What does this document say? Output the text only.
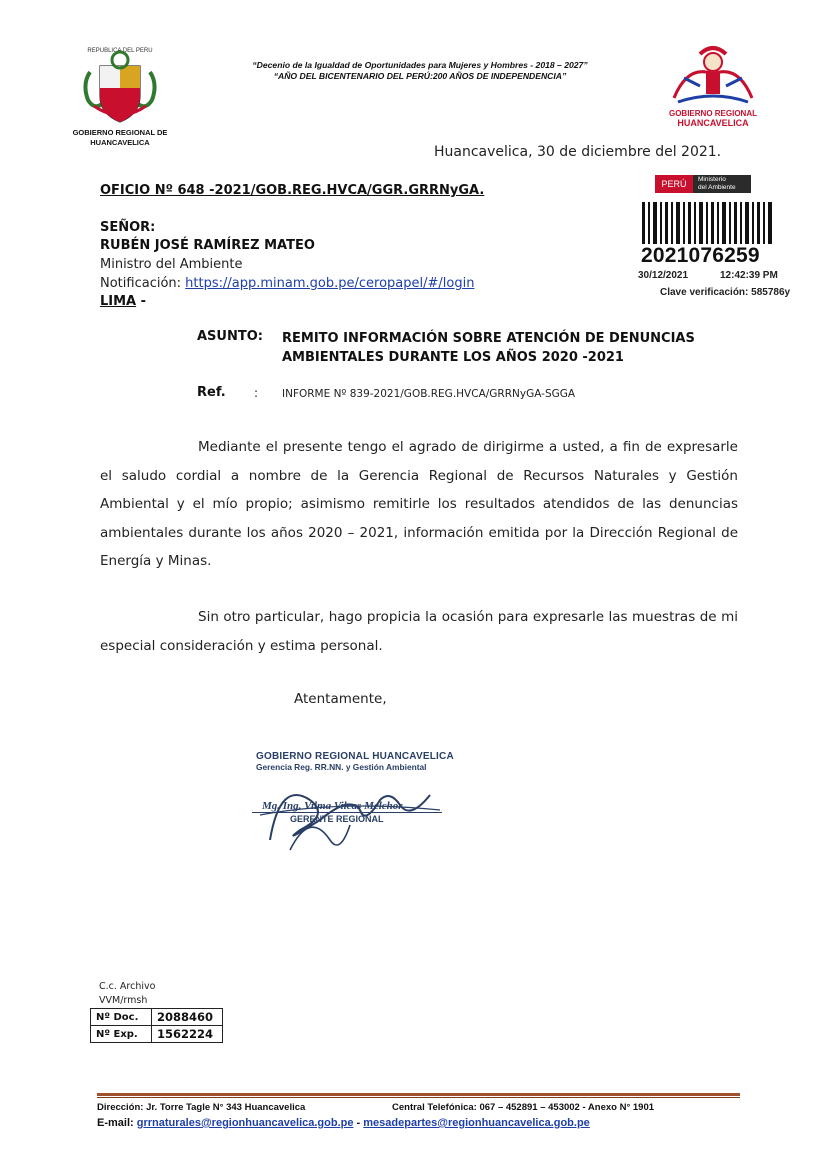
REPUBLICA DEL PERU
GOBIERNO REGIONAL DE
HUANCAVELICA
“Decenio de la Igualdad de Oportunidades para Mujeres y Hombres - 2018 – 2027”
“AÑO DEL BICENTENARIO DEL PERÚ:200 AÑOS DE INDEPENDENCIA”
GOBIERNO REGIONAL
HUANCAVELICA
Huancavelica, 30 de diciembre del 2021.
PERÚ	Ministerio
del Ambiente
2021076259
30/12/2021	12:42:39 PM
Clave verificación: 585786y
OFICIO Nº 648 -2021/GOB.REG.HVCA/GGR.GRRNyGA.
SEÑOR:
RUBÉN JOSÉ RAMÍREZ MATEO
Ministro del Ambiente
Notificación: https://app.minam.gob.pe/ceropapel/#/login
LIMA -
ASUNTO: REMITO INFORMACIÓN SOBRE ATENCIÓN DE DENUNCIAS
AMBIENTALES DURANTE LOS AÑOS 2020 -2021
Ref. : INFORME Nº 839-2021/GOB.REG.HVCA/GRRNyGA-SGGA
Mediante el presente tengo el agrado de dirigirme a usted, a fin de expresarle el saludo cordial a nombre de la Gerencia Regional de Recursos Naturales y Gestión Ambiental y el mío propio; asimismo remitirle los resultados atendidos de las denuncias ambientales durante los años 2020 – 2021, información emitida por la Dirección Regional de Energía y Minas.
Sin otro particular, hago propicia la ocasión para expresarle las muestras de mi especial consideración y estima personal.
Atentamente,
GOBIERNO REGIONAL HUANCAVELICA
Gerencia Reg. RR.NN. y Gestión Ambiental
Mg. Ing. Vilma Vilcas Melchor
GERENTE REGIONAL
C.c. Archivo
VVM/rmsh
Nº Doc.	2088460
Nº Exp.	1562224
Dirección: Jr. Torre Tagle N° 343 Huancavelica	Central Telefónica: 067 – 452891 – 453002 - Anexo N° 1901
E-mail: grrnaturales@regionhuancavelica.gob.pe - mesadepartes@regionhuancavelica.gob.pe
